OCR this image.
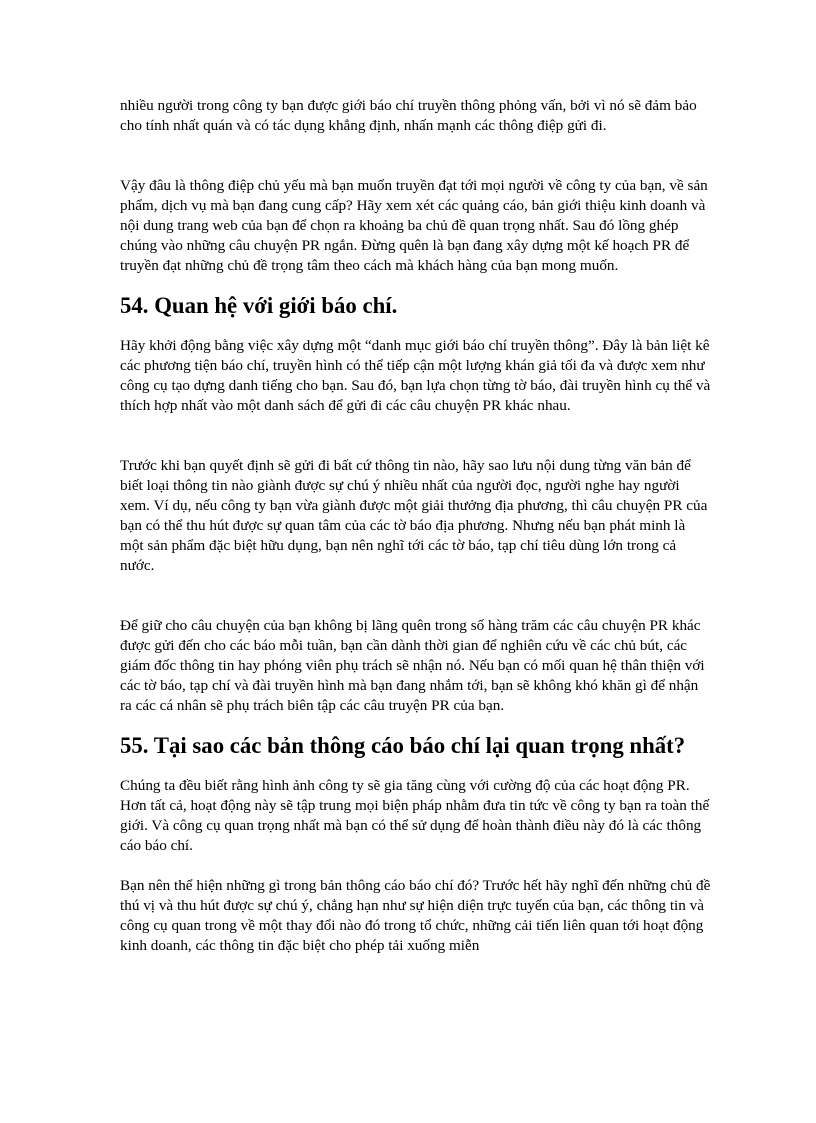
nhiều người trong công ty bạn được giới báo chí truyền thông phỏng vấn, bởi vì nó sẽ đảm bảo cho tính nhất quán và có tác dụng khẳng định, nhấn mạnh các thông điệp gửi đi.

Vậy đâu là thông điệp chủ yếu mà bạn muốn truyền đạt tới mọi người về công ty của bạn, về sản phẩm, dịch vụ mà bạn đang cung cấp? Hãy xem xét các quảng cáo, bản giới thiệu kinh doanh và nội dung trang web của bạn để chọn ra khoảng ba chủ đề quan trọng nhất. Sau đó lồng ghép chúng vào những câu chuyện PR ngắn. Đừng quên là bạn đang xây dựng một kế hoạch PR để truyền đạt những chủ đề trọng tâm theo cách mà khách hàng của bạn mong muốn.

54. Quan hệ với giới báo chí.

Hãy khởi động bằng việc xây dựng một “danh mục giới báo chí truyền thông”. Đây là bản liệt kê các phương tiện báo chí, truyền hình có thể tiếp cận một lượng khán giả tối đa và được xem như công cụ tạo dựng danh tiếng cho bạn. Sau đó, bạn lựa chọn từng tờ báo, đài truyền hình cụ thể và thích hợp nhất vào một danh sách để gửi đi các câu chuyện PR khác nhau.

Trước khi bạn quyết định sẽ gửi đi bất cứ thông tin nào, hãy sao lưu nội dung từng văn bản để biết loại thông tin nào giành được sự chú ý nhiều nhất của người đọc, người nghe hay người xem. Ví dụ, nếu công ty bạn vừa giành được một giải thưởng địa phương, thì câu chuyện PR của bạn có thể thu hút được sự quan tâm của các tờ báo địa phương. Nhưng nếu bạn phát minh là một sản phẩm đặc biệt hữu dụng, bạn nên nghĩ tới các tờ báo, tạp chí tiêu dùng lớn trong cả nước.

Để giữ cho câu chuyện của bạn không bị lãng quên trong số hàng trăm các câu chuyện PR khác được gửi đến cho các báo mỗi tuần, bạn cần dành thời gian để nghiên cứu về các chủ bút, các giám đốc thông tin hay phóng viên phụ trách sẽ nhận nó. Nếu bạn có mối quan hệ thân thiện với các tờ báo, tạp chí và đài truyền hình mà bạn đang nhắm tới, bạn sẽ không khó khăn gì để nhận ra các cá nhân sẽ phụ trách biên tập các câu truyện PR của bạn.

55. Tại sao các bản thông cáo báo chí lại quan trọng nhất?

Chúng ta đều biết rằng hình ảnh công ty sẽ gia tăng cùng với cường độ của các hoạt động PR. Hơn tất cả, hoạt động này sẽ tập trung mọi biện pháp nhằm đưa tin tức về công ty bạn ra toàn thế giới. Và công cụ quan trọng nhất mà bạn có thể sử dụng để hoàn thành điều này đó là các thông cáo báo chí.

Bạn nên thể hiện những gì trong bản thông cáo báo chí đó? Trước hết hãy nghĩ đến những chủ đề thú vị và thu hút được sự chú ý, chẳng hạn như sự hiện diện trực tuyến của bạn, các thông tin và công cụ quan trong về một thay đổi nào đó trong tổ chức, những cải tiến liên quan tới hoạt động kinh doanh, các thông tin đặc biệt cho phép tải xuống miễn
